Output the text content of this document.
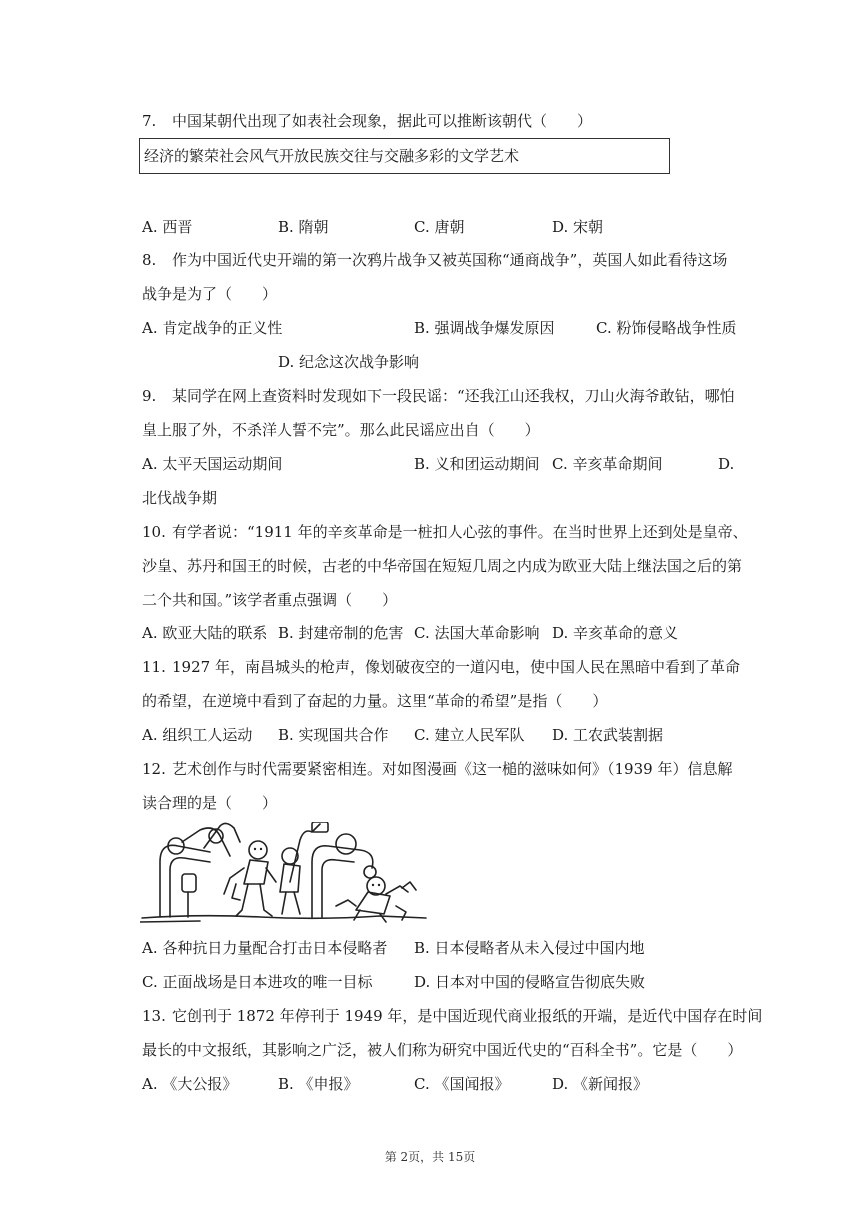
7. 中国某朝代出现了如表社会现象，据此可以推断该朝代（　　）
经济的繁荣社会风气开放民族交往与交融多彩的文学艺术
A. 西晋	B. 隋朝	C. 唐朝	D. 宋朝
8. 作为中国近代史开端的第一次鸦片战争又被英国称“通商战争”，英国人如此看待这场
战争是为了（　　）
A. 肯定战争的正义性	B. 强调战争爆发原因	C. 粉饰侵略战争性质
D. 纪念这次战争影响
9. 某同学在网上查资料时发现如下一段民谣：“还我江山还我权，刀山火海爷敢钻，哪怕
皇上服了外，不杀洋人誓不完”。那么此民谣应出自（　　）
A. 太平天国运动期间	B. 义和团运动期间 C. 辛亥革命期间	D.
北伐战争期
10. 有学者说：“1911 年的辛亥革命是一桩扣人心弦的事件。在当时世界上还到处是皇帝、
沙皇、苏丹和国王的时候，古老的中华帝国在短短几周之内成为欧亚大陆上继法国之后的第
二个共和国。”该学者重点强调（　　）
A. 欧亚大陆的联系 B. 封建帝制的危害 C. 法国大革命影响 D. 辛亥革命的意义
11. 1927 年，南昌城头的枪声，像划破夜空的一道闪电，使中国人民在黑暗中看到了革命
的希望，在逆境中看到了奋起的力量。这里“革命的希望”是指（　　）
A. 组织工人运动 B. 实现国共合作 C. 建立人民军队 D. 工农武装割据
12. 艺术创作与时代需要紧密相连。对如图漫画《这一槌的滋味如何》（1939 年）信息解
读合理的是（　　）
A. 各种抗日力量配合打击日本侵略者 B. 日本侵略者从未入侵过中国内地
C. 正面战场是日本进攻的唯一目标	D. 日本对中国的侵略宣告彻底失败
13. 它创刊于 1872 年停刊于 1949 年，是中国近现代商业报纸的开端，是近代中国存在时间
最长的中文报纸，其影响之广泛，被人们称为研究中国近代史的“百科全书”。它是（　　）
A. 《大公报》	B. 《申报》	C. 《国闻报》	D. 《新闻报》
第 2页，共 15页
